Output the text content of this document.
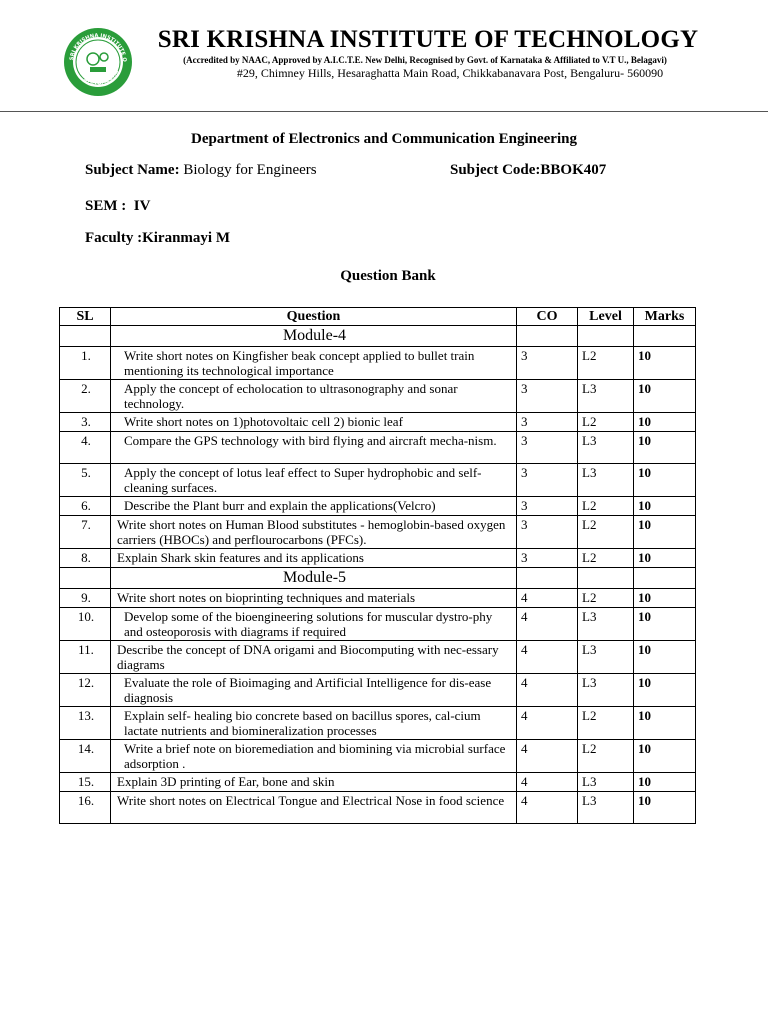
SRI KRISHNA INSTITUTE O
BANGALORE
SRI KRISHNA INSTITUTE OF TECHNOLOGY
(Accredited by NAAC, Approved by A.I.C.T.E. New Delhi, Recognised by Govt. of Karnataka & Affiliated to V.T U., Belagavi)
#29, Chimney Hills, Hesaraghatta Main Road, Chikkabanavara Post, Bengaluru- 560090
Department of Electronics and Communication Engineering
Subject Name: Biology for Engineers	Subject Code:BBOK407
SEM :  IV
Faculty :Kiranmayi M
Question Bank
SL	Question	CO	Level	Marks
	Module-4			
1.	Write short notes on Kingfisher beak concept applied to bullet train mentioning its technological importance	3	L2	10
2.	Apply the concept of echolocation to ultrasonography and sonar technology.	3	L3	10
3.	Write short notes on 1)photovoltaic cell 2) bionic leaf	3	L2	10
4.	Compare the GPS technology with bird flying and aircraft mecha-nism.	3	L3	10
5.	Apply the concept of lotus leaf effect to Super hydrophobic and self-cleaning surfaces.	3	L3	10
6.	Describe the Plant burr and explain the applications(Velcro)	3	L2	10
7.	Write short notes on Human Blood substitutes - hemoglobin-based oxygen carriers (HBOCs) and perflourocarbons (PFCs).	3	L2	10
8.	Explain Shark skin features and its applications	3	L2	10
	Module-5			
9.	Write short notes on bioprinting techniques and materials	4	L2	10
10.	Develop some of the bioengineering solutions for muscular dystro-phy and osteoporosis with diagrams if required	4	L3	10
11.	Describe the concept of DNA origami and Biocomputing with nec-essary diagrams	4	L3	10
12.	Evaluate the role of Bioimaging and Artificial Intelligence for dis-ease diagnosis	4	L3	10
13.	Explain self- healing bio concrete based on bacillus spores, cal-cium lactate nutrients and biomineralization processes	4	L2	10
14.	Write a brief note on bioremediation and biomining via microbial surface adsorption .	4	L2	10
15.	Explain 3D printing of Ear, bone and skin	4	L3	10
16.	Write short notes on Electrical Tongue and Electrical Nose in food science	4	L3	10
